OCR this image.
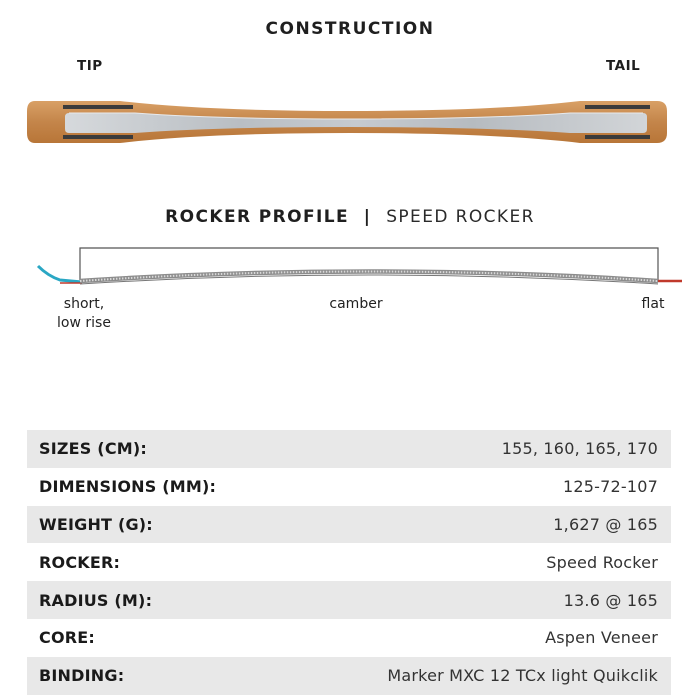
CONSTRUCTION
TIP	TAIL
ROCKER PROFILE | SPEED ROCKER
short,
low rise
camber	flat
SIZES (CM):	155, 160, 165, 170
DIMENSIONS (MM):	125-72-107
WEIGHT (G):	1,627 @ 165
ROCKER:	Speed Rocker
RADIUS (M):	13.6 @ 165
CORE:	Aspen Veneer
BINDING:	Marker MXC 12 TCx light Quikclik
